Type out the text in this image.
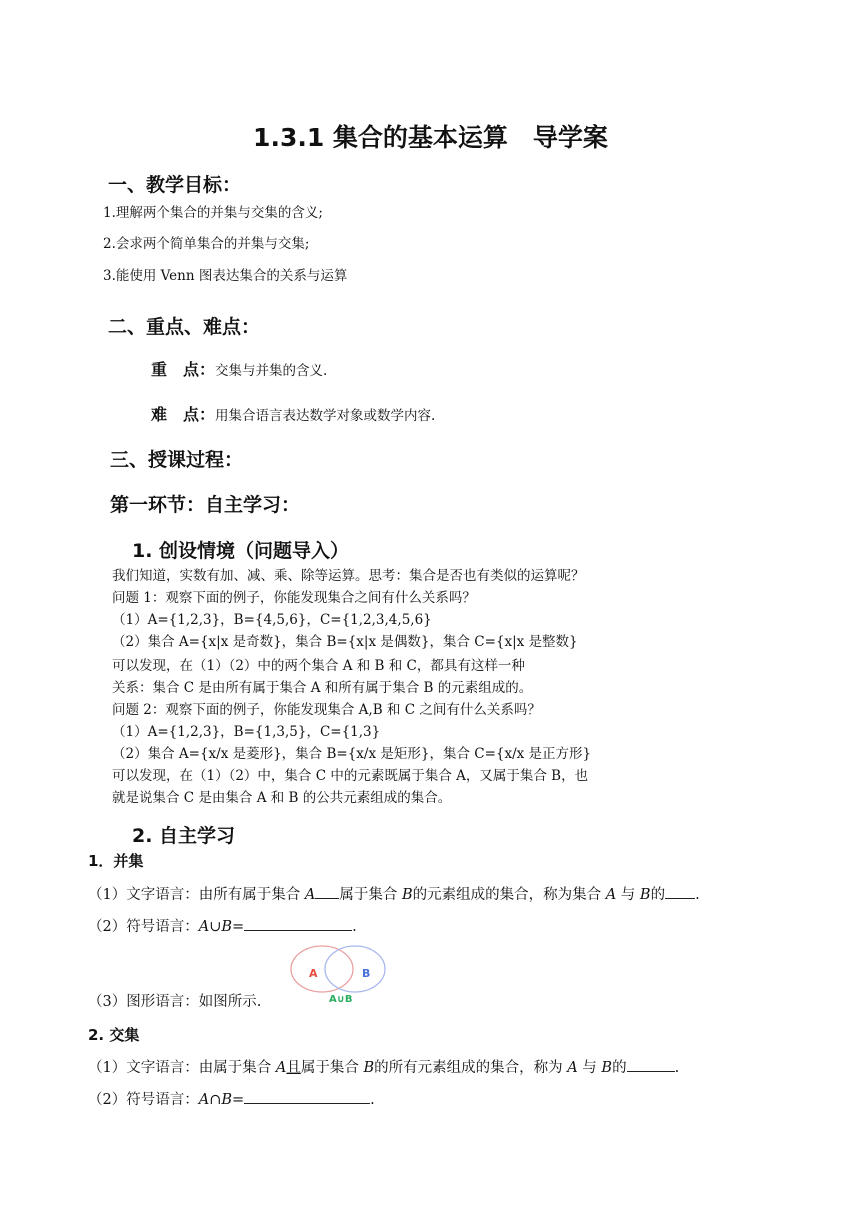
1.3.1 集合的基本运算　导学案
一、教学目标：
1.理解两个集合的并集与交集的含义;
2.会求两个简单集合的并集与交集;
3.能使用 Venn 图表达集合的关系与运算
二、重点、难点：
重　点：交集与并集的含义.
难　点：用集合语言表达数学对象或数学内容.
三、授课过程：
第一环节：自主学习：
1. 创设情境（问题导入）
我们知道，实数有加、减、乘、除等运算。思考：集合是否也有类似的运算呢？
问题 1：观察下面的例子，你能发现集合之间有什么关系吗？
（1）A={1,2,3}，B={4,5,6}，C={1,2,3,4,5,6}
（2）集合 A={x|x 是奇数}，集合 B={x|x 是偶数}，集合 C={x|x 是整数}
可以发现，在（1）（2）中的两个集合 A 和 B 和 C，都具有这样一种
关系：集合 C 是由所有属于集合 A 和所有属于集合 B 的元素组成的。
问题 2：观察下面的例子，你能发现集合 A,B 和 C 之间有什么关系吗？
（1）A={1,2,3}，B={1,3,5}，C={1,3}
（2）集合 A={x/x 是菱形}，集合 B={x/x 是矩形}，集合 C={x/x 是正方形}
可以发现，在（1）（2）中，集合 C 中的元素既属于集合 A，又属于集合 B，也
就是说集合 C 是由集合 A 和 B 的公共元素组成的集合。
2. 自主学习
1．并集
（1）文字语言：由所有属于集合 A 属于集合 B的元素组成的集合，称为集合 A 与 B的 .
（2）符号语言：A∪B=	.
（3）图形语言：如图所示.
A	B
A∪B
2. 交集
（1）文字语言：由属于集合 A且属于集合 B的所有元素组成的集合，称为 A 与 B的	.
（2）符号语言：A∩B=	.
